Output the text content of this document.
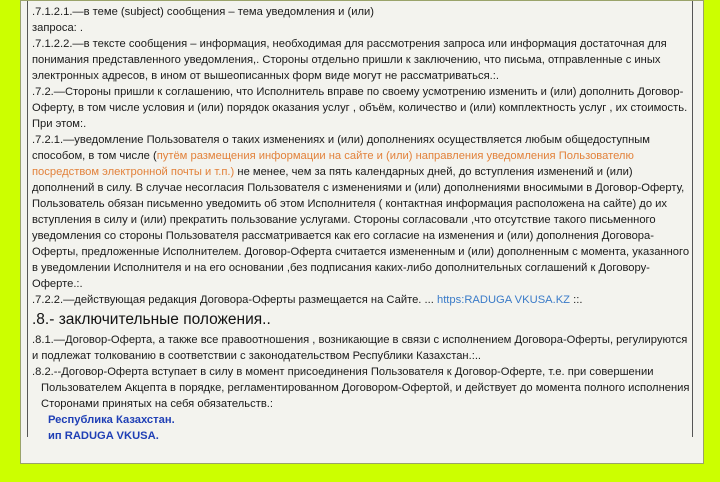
.7.1.2.1.—в теме (subject) сообщения – тема уведомления и (или)

запроса: .

.7.1.2.2.—в тексте сообщения – информация, необходимая для рассмотрения запроса или информация достаточная для понимания представленного уведомления,. Стороны отдельно пришли к заключению, что письма, отправленные с иных электронных адресов, в ином от вышеописанных форм виде могут не рассматриваться.:.

.7.2.—Стороны пришли к соглашению, что Исполнитель вправе по своему усмотрению изменить и (или) дополнить Договор-Оферту, в том числе условия и (или) порядок оказания услуг , объём, количество и (или) комплектность услуг , их стоимость. При этом:.

.7.2.1.—уведомление Пользователя о таких изменениях и (или) дополнениях осуществляется любым общедоступным способом, в том числе (путём размещения информации на сайте и (или) направления уведомления Пользователю посредством электронной почты и т.п.) не менее, чем за пять календарных дней, до вступления изменений и (или) дополнений в силу. В случае несогласия Пользователя с изменениями и (или) дополнениями вносимыми в Договор-Оферту, Пользователь обязан письменно уведомить об этом Исполнителя ( контактная информация расположена на сайте) до их вступления в силу и (или) прекратить пользование услугами. Стороны согласовали ,что отсутствие такого письменного уведомления со стороны Пользователя рассматривается как его согласие на изменения и (или) дополнения Договора-Оферты, предложенные Исполнителем. Договор-Оферта считается измененным и (или) дополненным с момента, указанного в уведомлении Исполнителя и на его основании ,без подписания каких-либо дополнительных соглашений к Договору-Оферте.:.

.7.2.2.—действующая редакция Договора-Оферты размещается на Сайте. ... https:RADUGA VKUSA.KZ ::.

.8.- заключительные положения..

.8.1.—Договор-Оферта, а также все правоотношения , возникающие в связи с исполнением Договора-Оферты, регулируются и подлежат толкованию в соответствии с законодательством Республики Казахстан.:..

.8.2.--Договор-Оферта вступает в силу в момент присоединения Пользователя к Договор-Оферте, т.е. при совершении Пользователем Акцепта в порядке, регламентированном Договором-Офертой, и действует до момента полного исполнения Сторонами принятых на себя обязательств.:

Республика Казахстан.

ип RADUGA VKUSA.
